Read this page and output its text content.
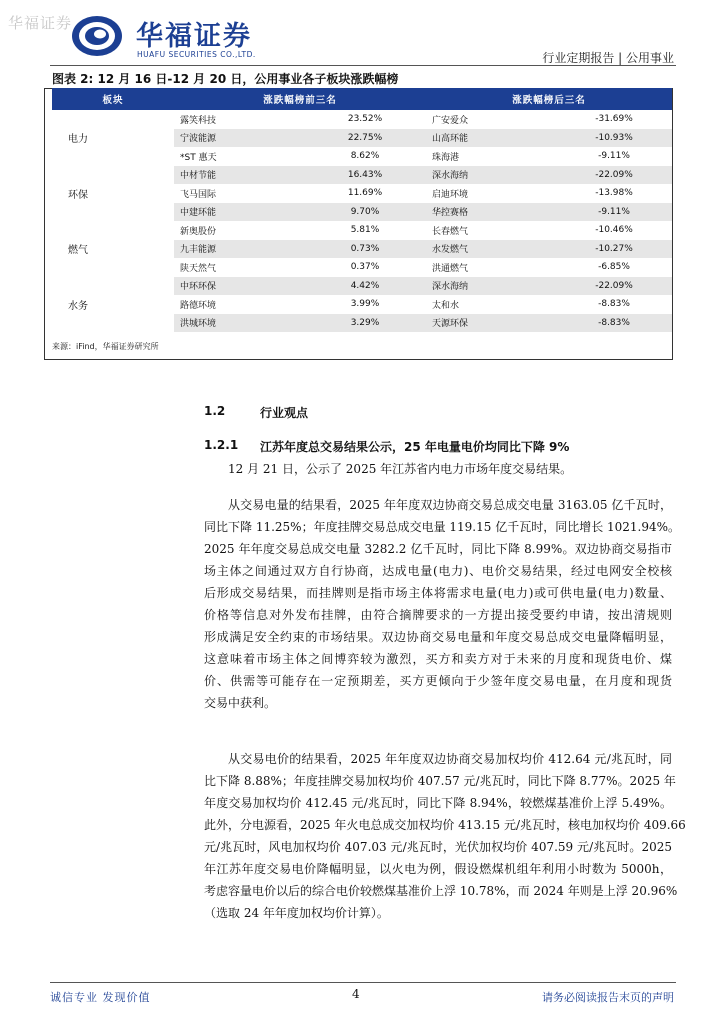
华福证券 华福证券
HUAFU SECURITIES CO.,LTD.	行业定期报告 | 公用事业
图表 2: 12 月 16 日-12 月 20 日，公用事业各子板块涨跌幅榜
板块	涨跌幅榜前三名		涨跌幅榜后三名	
电力	露笑科技	23.52%	广安爱众	-31.69%
	宁波能源	22.75%	山高环能	-10.93%
	*ST 惠天	8.62%	珠海港	-9.11%
环保	中材节能	16.43%	深水海纳	-22.09%
	飞马国际	11.69%	启迪环境	-13.98%
	中建环能	9.70%	华控赛格	-9.11%
燃气	新奥股份	5.81%	长春燃气	-10.46%
	九丰能源	0.73%	水发燃气	-10.27%
	陕天然气	0.37%	洪通燃气	-6.85%
水务	中环环保	4.42%	深水海纳	-22.09%
	路德环境	3.99%	太和水	-8.83%
	洪城环境	3.29%	天源环保	-8.83%
来源：iFind，华福证券研究所
1.2	行业观点
1.2.1 江苏年度总交易结果公示，25 年电量电价均同比下降 9%
12 月 21 日，公示了 2025 年江苏省内电力市场年度交易结果。
从交易电量的结果看，2025 年年度双边协商交易总成交电量 3163.05 亿千瓦时，
同比下降 11.25%；年度挂牌交易总成交电量 119.15 亿千瓦时，同比增长 1021.94%。
2025 年年度交易总成交电量 3282.2 亿千瓦时，同比下降 8.99%。双边协商交易指市
场主体之间通过双方自行协商，达成电量(电力)、电价交易结果，经过电网安全校核
后形成交易结果，而挂牌则是指市场主体将需求电量(电力)或可供电量(电力)数量、
价格等信息对外发布挂牌，由符合摘牌要求的一方提出接受要约申请，按出清规则
形成满足安全约束的市场结果。双边协商交易电量和年度交易总成交电量降幅明显，
这意味着市场主体之间博弈较为激烈，买方和卖方对于未来的月度和现货电价、煤
价、供需等可能存在一定预期差，买方更倾向于少签年度交易电量，在月度和现货
交易中获利。
从交易电价的结果看，2025 年年度双边协商交易加权均价 412.64 元/兆瓦时，同
比下降 8.88%；年度挂牌交易加权均价 407.57 元/兆瓦时，同比下降 8.77%。2025 年
年度交易加权均价 412.45 元/兆瓦时，同比下降 8.94%，较燃煤基准价上浮 5.49%。
此外，分电源看，2025 年火电总成交加权均价 413.15 元/兆瓦时，核电加权均价 409.66
元/兆瓦时，风电加权均价 407.03 元/兆瓦时，光伏加权均价 407.59 元/兆瓦时。2025
年江苏年度交易电价降幅明显，以火电为例，假设燃煤机组年利用小时数为 5000h，
考虑容量电价以后的综合电价较燃煤基准价上浮 10.78%，而 2024 年则是上浮 20.96%
（选取 24 年年度加权均价计算）。
诚信专业 发现价值	4	请务必阅读报告末页的声明
